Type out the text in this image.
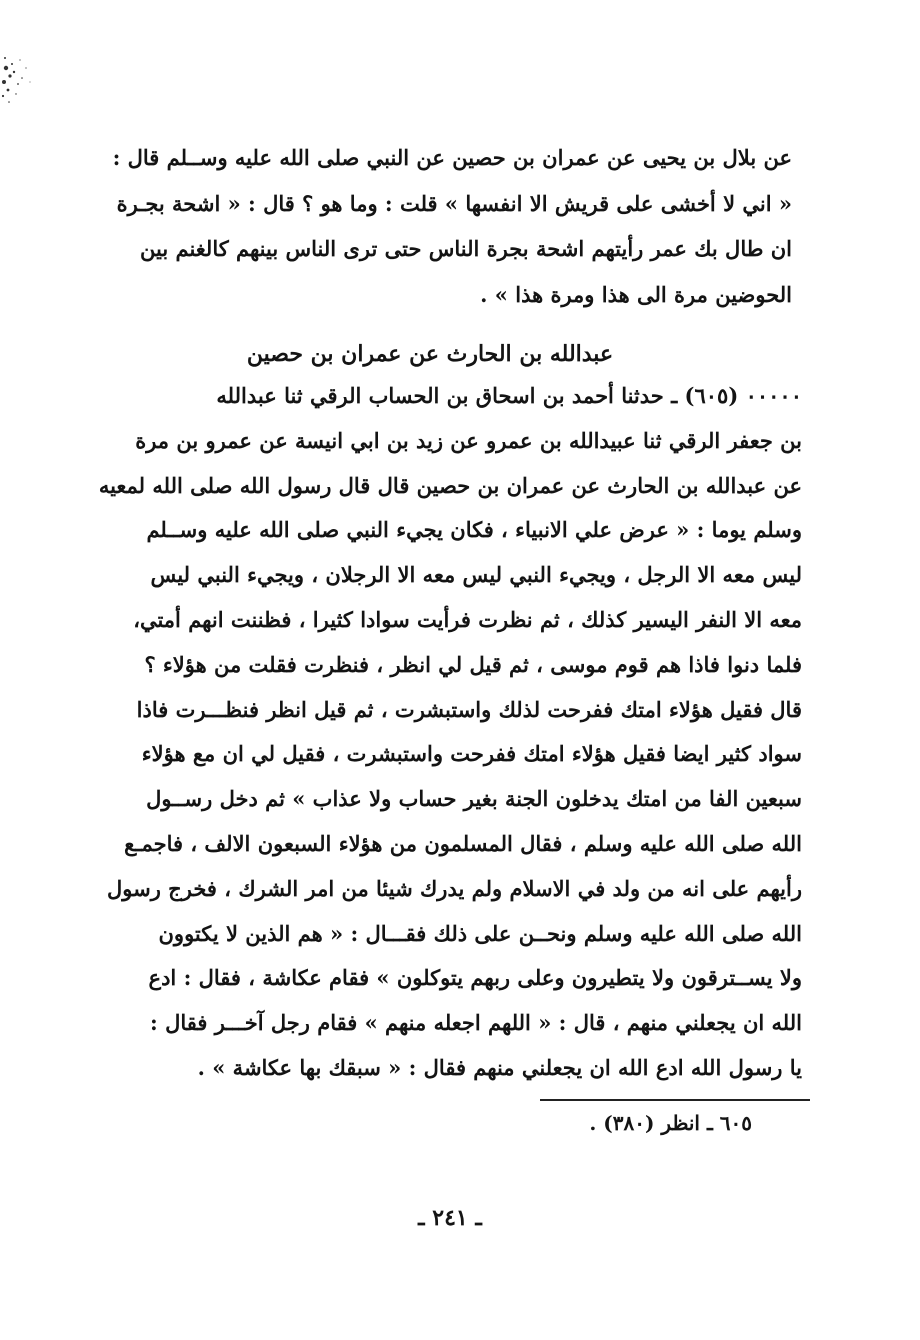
عن بلال بن يحيى عن عمران بن حصين عن النبي صلى الله عليه وســلم قال :
« اني لا أخشى على قريش الا انفسها » قلت : وما هو ؟ قال : « اشحة بجـرة
ان طال بك عمر رأيتهم اشحة بجرة الناس حتى ترى الناس بينهم كالغنم بين
الحوضين مرة الى هذا ومرة هذا » .
عبدالله بن الحارث عن عمران بن حصين
٠٠٠٠٠ (٦٠٥) ـ حدثنا أحمد بن اسحاق بن الحساب الرقي ثنا عبدالله
بن جعفر الرقي ثنا عبيدالله بن عمرو عن زيد بن ابي انيسة عن عمرو بن مرة
عن عبدالله بن الحارث عن عمران بن حصين قال قال رسول الله صلى الله لمعيه
وسلم يوما : « عرض علي الانبياء ، فكان يجيء النبي صلى الله عليه وســلم
ليس معه الا الرجل ، ويجيء النبي ليس معه الا الرجلان ، ويجيء النبي ليس
معه الا النفر اليسير كذلك ، ثم نظرت فرأيت سوادا كثيرا ، فظننت انهم أمتي،
فلما دنوا فاذا هم قوم موسى ، ثم قيل لي انظر ، فنظرت فقلت من هؤلاء ؟
قال فقيل هؤلاء امتك ففرحت لذلك واستبشرت ، ثم قيل انظر فنظـــرت فاذا
سواد كثير ايضا فقيل هؤلاء امتك ففرحت واستبشرت ، فقيل لي ان مع هؤلاء
سبعين الفا من امتك يدخلون الجنة بغير حساب ولا عذاب » ثم دخل رســول
الله صلى الله عليه وسلم ، فقال المسلمون من هؤلاء السبعون الالف ، فاجمـع
رأيهم على انه من ولد في الاسلام ولم يدرك شيئا من امر الشرك ، فخرج رسول
الله صلى الله عليه وسلم ونحــن على ذلك فقـــال : « هم الذين لا يكتوون
ولا يســترقون ولا يتطيرون وعلى ربهم يتوكلون » فقام عكاشة ، فقال : ادع
الله ان يجعلني منهم ، قال : « اللهم اجعله منهم » فقام رجل آخـــر فقال :
يا رسول الله ادع الله ان يجعلني منهم فقال : « سبقك بها عكاشة » .
٦٠٥ ـ انظر (٣٨٠) .
ـ ٢٤١ ـ
